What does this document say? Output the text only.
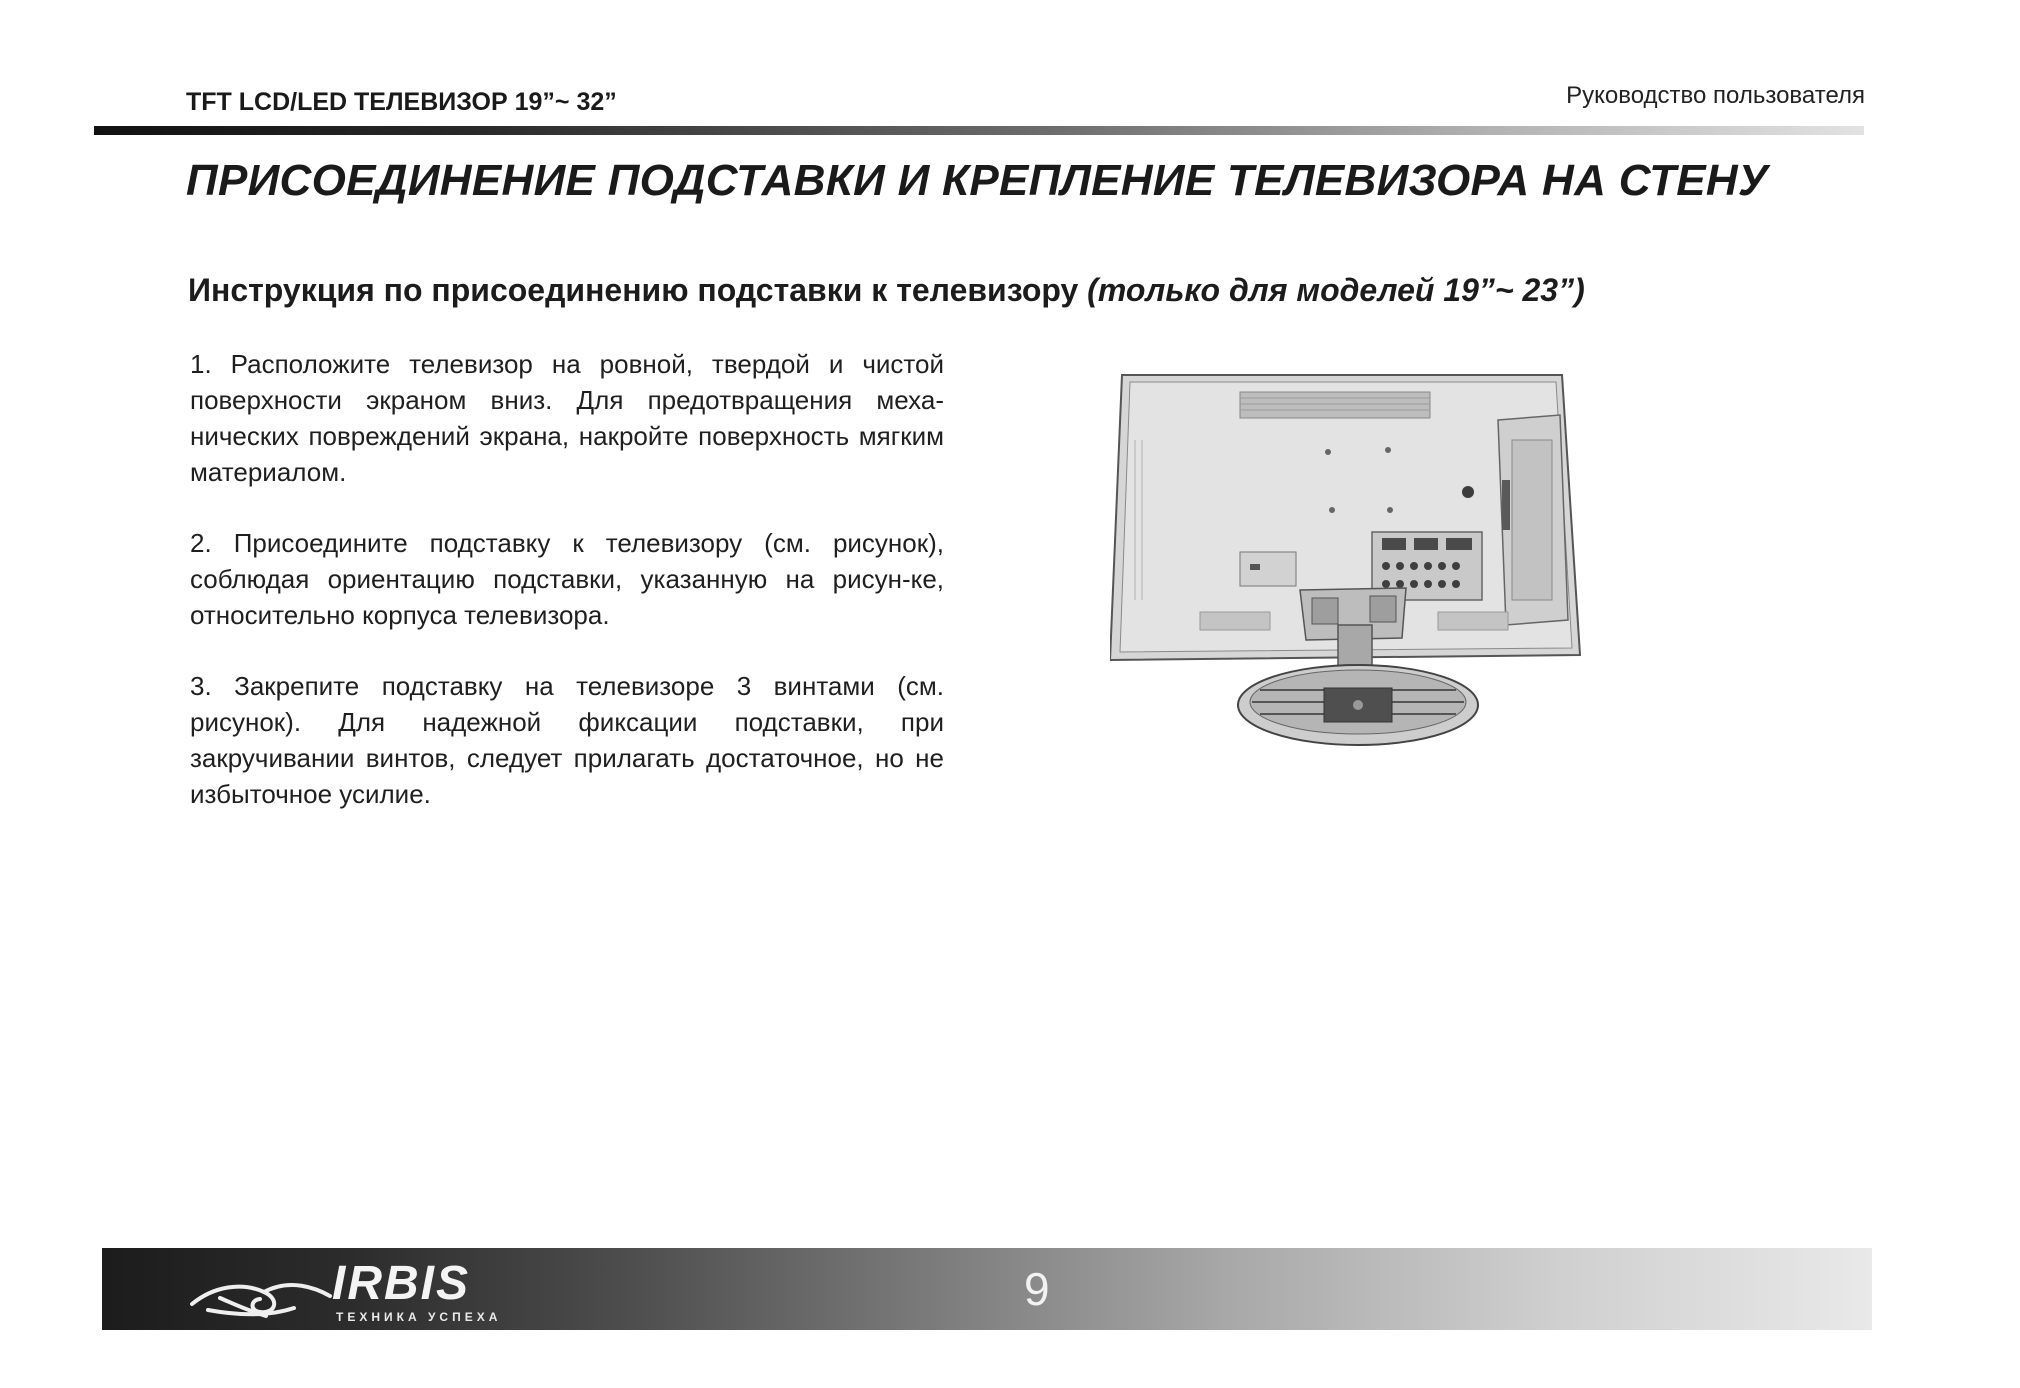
TFT LCD/LED ТЕЛЕВИЗОР 19”~ 32”	Руководство пользователя
ПРИСОЕДИНЕНИЕ ПОДСТАВКИ И КРЕПЛЕНИЕ ТЕЛЕВИЗОРА НА СТЕНУ
Инструкция по присоединению подставки к телевизору (только для моделей 19”~ 23”)

1. Расположите телевизор на ровной, твердой и чистой поверхности экраном вниз. Для предотвращения меха-нических повреждений экрана, накройте поверхность мягким материалом.

2. Присоедините подставку к телевизору (см. рисунок), соблюдая ориентацию подставки, указанную на рисун-ке, относительно корпуса телевизора.

3. Закрепите подставку на телевизоре 3 винтами (см. рисунок). Для надежной фиксации подставки, при закручивании винтов, следует прилагать достаточное, но не избыточное усилие.

IRBIS
ТЕХНИКА УСПЕХА
9
